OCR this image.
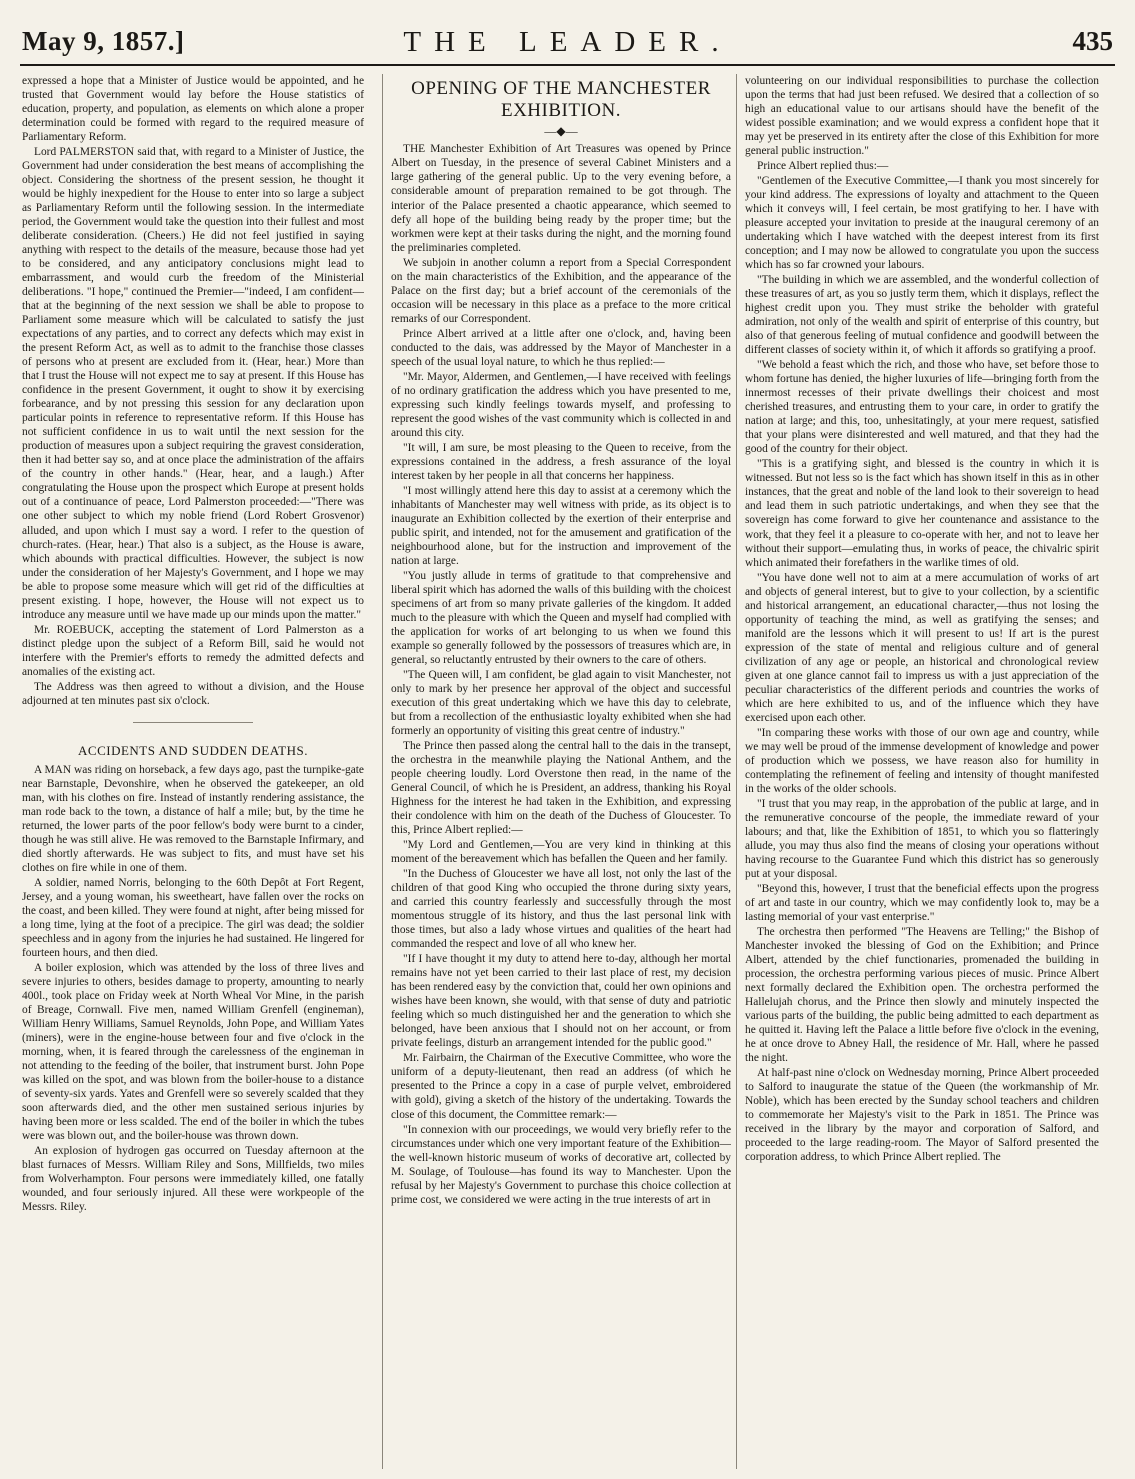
May 9, 1857.]	THE LEADER.	435

expressed a hope that a Minister of Justice would be appointed, and he trusted that Government would lay before the House statistics of education, property, and population, as elements on which alone a proper determination could be formed with regard to the required measure of Parliamentary Reform.

Lord PALMERSTON said that, with regard to a Minister of Justice, the Government had under consideration the best means of accomplishing the object. Considering the shortness of the present session, he thought it would be highly inexpedient for the House to enter into so large a subject as Parliamentary Reform until the following session. In the intermediate period, the Government would take the question into their fullest and most deliberate consideration. (Cheers.) He did not feel justified in saying anything with respect to the details of the measure, because those had yet to be considered, and any anticipatory conclusions might lead to embarrassment, and would curb the freedom of the Ministerial deliberations. "I hope," continued the Premier—"indeed, I am confident—that at the beginning of the next session we shall be able to propose to Parliament some measure which will be calculated to satisfy the just expectations of any parties, and to correct any defects which may exist in the present Reform Act, as well as to admit to the franchise those classes of persons who at present are excluded from it. (Hear, hear.) More than that I trust the House will not expect me to say at present. If this House has confidence in the present Government, it ought to show it by exercising forbearance, and by not pressing this session for any declaration upon particular points in reference to representative reform. If this House has not sufficient confidence in us to wait until the next session for the production of measures upon a subject requiring the gravest consideration, then it had better say so, and at once place the administration of the affairs of the country in other hands." (Hear, hear, and a laugh.) After congratulating the House upon the prospect which Europe at present holds out of a continuance of peace, Lord Palmerston proceeded:—"There was one other subject to which my noble friend (Lord Robert Grosvenor) alluded, and upon which I must say a word. I refer to the question of church-rates. (Hear, hear.) That also is a subject, as the House is aware, which abounds with practical difficulties. However, the subject is now under the consideration of her Majesty's Government, and I hope we may be able to propose some measure which will get rid of the difficulties at present existing. I hope, however, the House will not expect us to introduce any measure until we have made up our minds upon the matter."

Mr. ROEBUCK, accepting the statement of Lord Palmerston as a distinct pledge upon the subject of a Reform Bill, said he would not interfere with the Premier's efforts to remedy the admitted defects and anomalies of the existing act.

The Address was then agreed to without a division, and the House adjourned at ten minutes past six o'clock.

ACCIDENTS AND SUDDEN DEATHS.

A MAN was riding on horseback, a few days ago, past the turnpike-gate near Barnstaple, Devonshire, when he observed the gatekeeper, an old man, with his clothes on fire. Instead of instantly rendering assistance, the man rode back to the town, a distance of half a mile; but, by the time he returned, the lower parts of the poor fellow's body were burnt to a cinder, though he was still alive. He was removed to the Barnstaple Infirmary, and died shortly afterwards. He was subject to fits, and must have set his clothes on fire while in one of them.

A soldier, named Norris, belonging to the 60th Depôt at Fort Regent, Jersey, and a young woman, his sweetheart, have fallen over the rocks on the coast, and been killed. They were found at night, after being missed for a long time, lying at the foot of a precipice. The girl was dead; the soldier speechless and in agony from the injuries he had sustained. He lingered for fourteen hours, and then died.

A boiler explosion, which was attended by the loss of three lives and severe injuries to others, besides damage to property, amounting to nearly 400l., took place on Friday week at North Wheal Vor Mine, in the parish of Breage, Cornwall. Five men, named William Grenfell (engineman), William Henry Williams, Samuel Reynolds, John Pope, and William Yates (miners), were in the engine-house between four and five o'clock in the morning, when, it is feared through the carelessness of the engineman in not attending to the feeding of the boiler, that instrument burst. John Pope was killed on the spot, and was blown from the boiler-house to a distance of seventy-six yards. Yates and Grenfell were so severely scalded that they soon afterwards died, and the other men sustained serious injuries by having been more or less scalded. The end of the boiler in which the tubes were was blown out, and the boiler-house was thrown down.

An explosion of hydrogen gas occurred on Tuesday afternoon at the blast furnaces of Messrs. William Riley and Sons, Millfields, two miles from Wolverhampton. Four persons were immediately killed, one fatally wounded, and four seriously injured. All these were workpeople of the Messrs. Riley.

OPENING OF THE MANCHESTER EXHIBITION.
—◆—

THE Manchester Exhibition of Art Treasures was opened by Prince Albert on Tuesday, in the presence of several Cabinet Ministers and a large gathering of the general public. Up to the very evening before, a considerable amount of preparation remained to be got through. The interior of the Palace presented a chaotic appearance, which seemed to defy all hope of the building being ready by the proper time; but the workmen were kept at their tasks during the night, and the morning found the preliminaries completed.

We subjoin in another column a report from a Special Correspondent on the main characteristics of the Exhibition, and the appearance of the Palace on the first day; but a brief account of the ceremonials of the occasion will be necessary in this place as a preface to the more critical remarks of our Correspondent.

Prince Albert arrived at a little after one o'clock, and, having been conducted to the dais, was addressed by the Mayor of Manchester in a speech of the usual loyal nature, to which he thus replied:—

"Mr. Mayor, Aldermen, and Gentlemen,—I have received with feelings of no ordinary gratification the address which you have presented to me, expressing such kindly feelings towards myself, and professing to represent the good wishes of the vast community which is collected in and around this city.

"It will, I am sure, be most pleasing to the Queen to receive, from the expressions contained in the address, a fresh assurance of the loyal interest taken by her people in all that concerns her happiness.

"I most willingly attend here this day to assist at a ceremony which the inhabitants of Manchester may well witness with pride, as its object is to inaugurate an Exhibition collected by the exertion of their enterprise and public spirit, and intended, not for the amusement and gratification of the neighbourhood alone, but for the instruction and improvement of the nation at large.

"You justly allude in terms of gratitude to that comprehensive and liberal spirit which has adorned the walls of this building with the choicest specimens of art from so many private galleries of the kingdom. It added much to the pleasure with which the Queen and myself had complied with the application for works of art belonging to us when we found this example so generally followed by the possessors of treasures which are, in general, so reluctantly entrusted by their owners to the care of others.

"The Queen will, I am confident, be glad again to visit Manchester, not only to mark by her presence her approval of the object and successful execution of this great undertaking which we have this day to celebrate, but from a recollection of the enthusiastic loyalty exhibited when she had formerly an opportunity of visiting this great centre of industry."

The Prince then passed along the central hall to the dais in the transept, the orchestra in the meanwhile playing the National Anthem, and the people cheering loudly. Lord Overstone then read, in the name of the General Council, of which he is President, an address, thanking his Royal Highness for the interest he had taken in the Exhibition, and expressing their condolence with him on the death of the Duchess of Gloucester. To this, Prince Albert replied:—

"My Lord and Gentlemen,—You are very kind in thinking at this moment of the bereavement which has befallen the Queen and her family.

"In the Duchess of Gloucester we have all lost, not only the last of the children of that good King who occupied the throne during sixty years, and carried this country fearlessly and successfully through the most momentous struggle of its history, and thus the last personal link with those times, but also a lady whose virtues and qualities of the heart had commanded the respect and love of all who knew her.

"If I have thought it my duty to attend here to-day, although her mortal remains have not yet been carried to their last place of rest, my decision has been rendered easy by the conviction that, could her own opinions and wishes have been known, she would, with that sense of duty and patriotic feeling which so much distinguished her and the generation to which she belonged, have been anxious that I should not on her account, or from private feelings, disturb an arrangement intended for the public good."

Mr. Fairbairn, the Chairman of the Executive Committee, who wore the uniform of a deputy-lieutenant, then read an address (of which he presented to the Prince a copy in a case of purple velvet, embroidered with gold), giving a sketch of the history of the undertaking. Towards the close of this document, the Committee remark:—

"In connexion with our proceedings, we would very briefly refer to the circumstances under which one very important feature of the Exhibition—the well-known historic museum of works of decorative art, collected by M. Soulage, of Toulouse—has found its way to Manchester. Upon the refusal by her Majesty's Government to purchase this choice collection at prime cost, we considered we were acting in the true interests of art in

volunteering on our individual responsibilities to purchase the collection upon the terms that had just been refused. We desired that a collection of so high an educational value to our artisans should have the benefit of the widest possible examination; and we would express a confident hope that it may yet be preserved in its entirety after the close of this Exhibition for more general public instruction."

Prince Albert replied thus:—

"Gentlemen of the Executive Committee,—I thank you most sincerely for your kind address. The expressions of loyalty and attachment to the Queen which it conveys will, I feel certain, be most gratifying to her. I have with pleasure accepted your invitation to preside at the inaugural ceremony of an undertaking which I have watched with the deepest interest from its first conception; and I may now be allowed to congratulate you upon the success which has so far crowned your labours.

"The building in which we are assembled, and the wonderful collection of these treasures of art, as you so justly term them, which it displays, reflect the highest credit upon you. They must strike the beholder with grateful admiration, not only of the wealth and spirit of enterprise of this country, but also of that generous feeling of mutual confidence and goodwill between the different classes of society within it, of which it affords so gratifying a proof.

"We behold a feast which the rich, and those who have, set before those to whom fortune has denied, the higher luxuries of life—bringing forth from the innermost recesses of their private dwellings their choicest and most cherished treasures, and entrusting them to your care, in order to gratify the nation at large; and this, too, unhesitatingly, at your mere request, satisfied that your plans were disinterested and well matured, and that they had the good of the country for their object.

"This is a gratifying sight, and blessed is the country in which it is witnessed. But not less so is the fact which has shown itself in this as in other instances, that the great and noble of the land look to their sovereign to head and lead them in such patriotic undertakings, and when they see that the sovereign has come forward to give her countenance and assistance to the work, that they feel it a pleasure to co-operate with her, and not to leave her without their support—emulating thus, in works of peace, the chivalric spirit which animated their forefathers in the warlike times of old.

"You have done well not to aim at a mere accumulation of works of art and objects of general interest, but to give to your collection, by a scientific and historical arrangement, an educational character,—thus not losing the opportunity of teaching the mind, as well as gratifying the senses; and manifold are the lessons which it will present to us! If art is the purest expression of the state of mental and religious culture and of general civilization of any age or people, an historical and chronological review given at one glance cannot fail to impress us with a just appreciation of the peculiar characteristics of the different periods and countries the works of which are here exhibited to us, and of the influence which they have exercised upon each other.

"In comparing these works with those of our own age and country, while we may well be proud of the immense development of knowledge and power of production which we possess, we have reason also for humility in contemplating the refinement of feeling and intensity of thought manifested in the works of the older schools.

"I trust that you may reap, in the approbation of the public at large, and in the remunerative concourse of the people, the immediate reward of your labours; and that, like the Exhibition of 1851, to which you so flatteringly allude, you may thus also find the means of closing your operations without having recourse to the Guarantee Fund which this district has so generously put at your disposal.

"Beyond this, however, I trust that the beneficial effects upon the progress of art and taste in our country, which we may confidently look to, may be a lasting memorial of your vast enterprise."

The orchestra then performed "The Heavens are Telling;" the Bishop of Manchester invoked the blessing of God on the Exhibition; and Prince Albert, attended by the chief functionaries, promenaded the building in procession, the orchestra performing various pieces of music. Prince Albert next formally declared the Exhibition open. The orchestra performed the Hallelujah chorus, and the Prince then slowly and minutely inspected the various parts of the building, the public being admitted to each department as he quitted it. Having left the Palace a little before five o'clock in the evening, he at once drove to Abney Hall, the residence of Mr. Hall, where he passed the night.

At half-past nine o'clock on Wednesday morning, Prince Albert proceeded to Salford to inaugurate the statue of the Queen (the workmanship of Mr. Noble), which has been erected by the Sunday school teachers and children to commemorate her Majesty's visit to the Park in 1851. The Prince was received in the library by the mayor and corporation of Salford, and proceeded to the large reading-room. The Mayor of Salford presented the corporation address, to which Prince Albert replied. The
